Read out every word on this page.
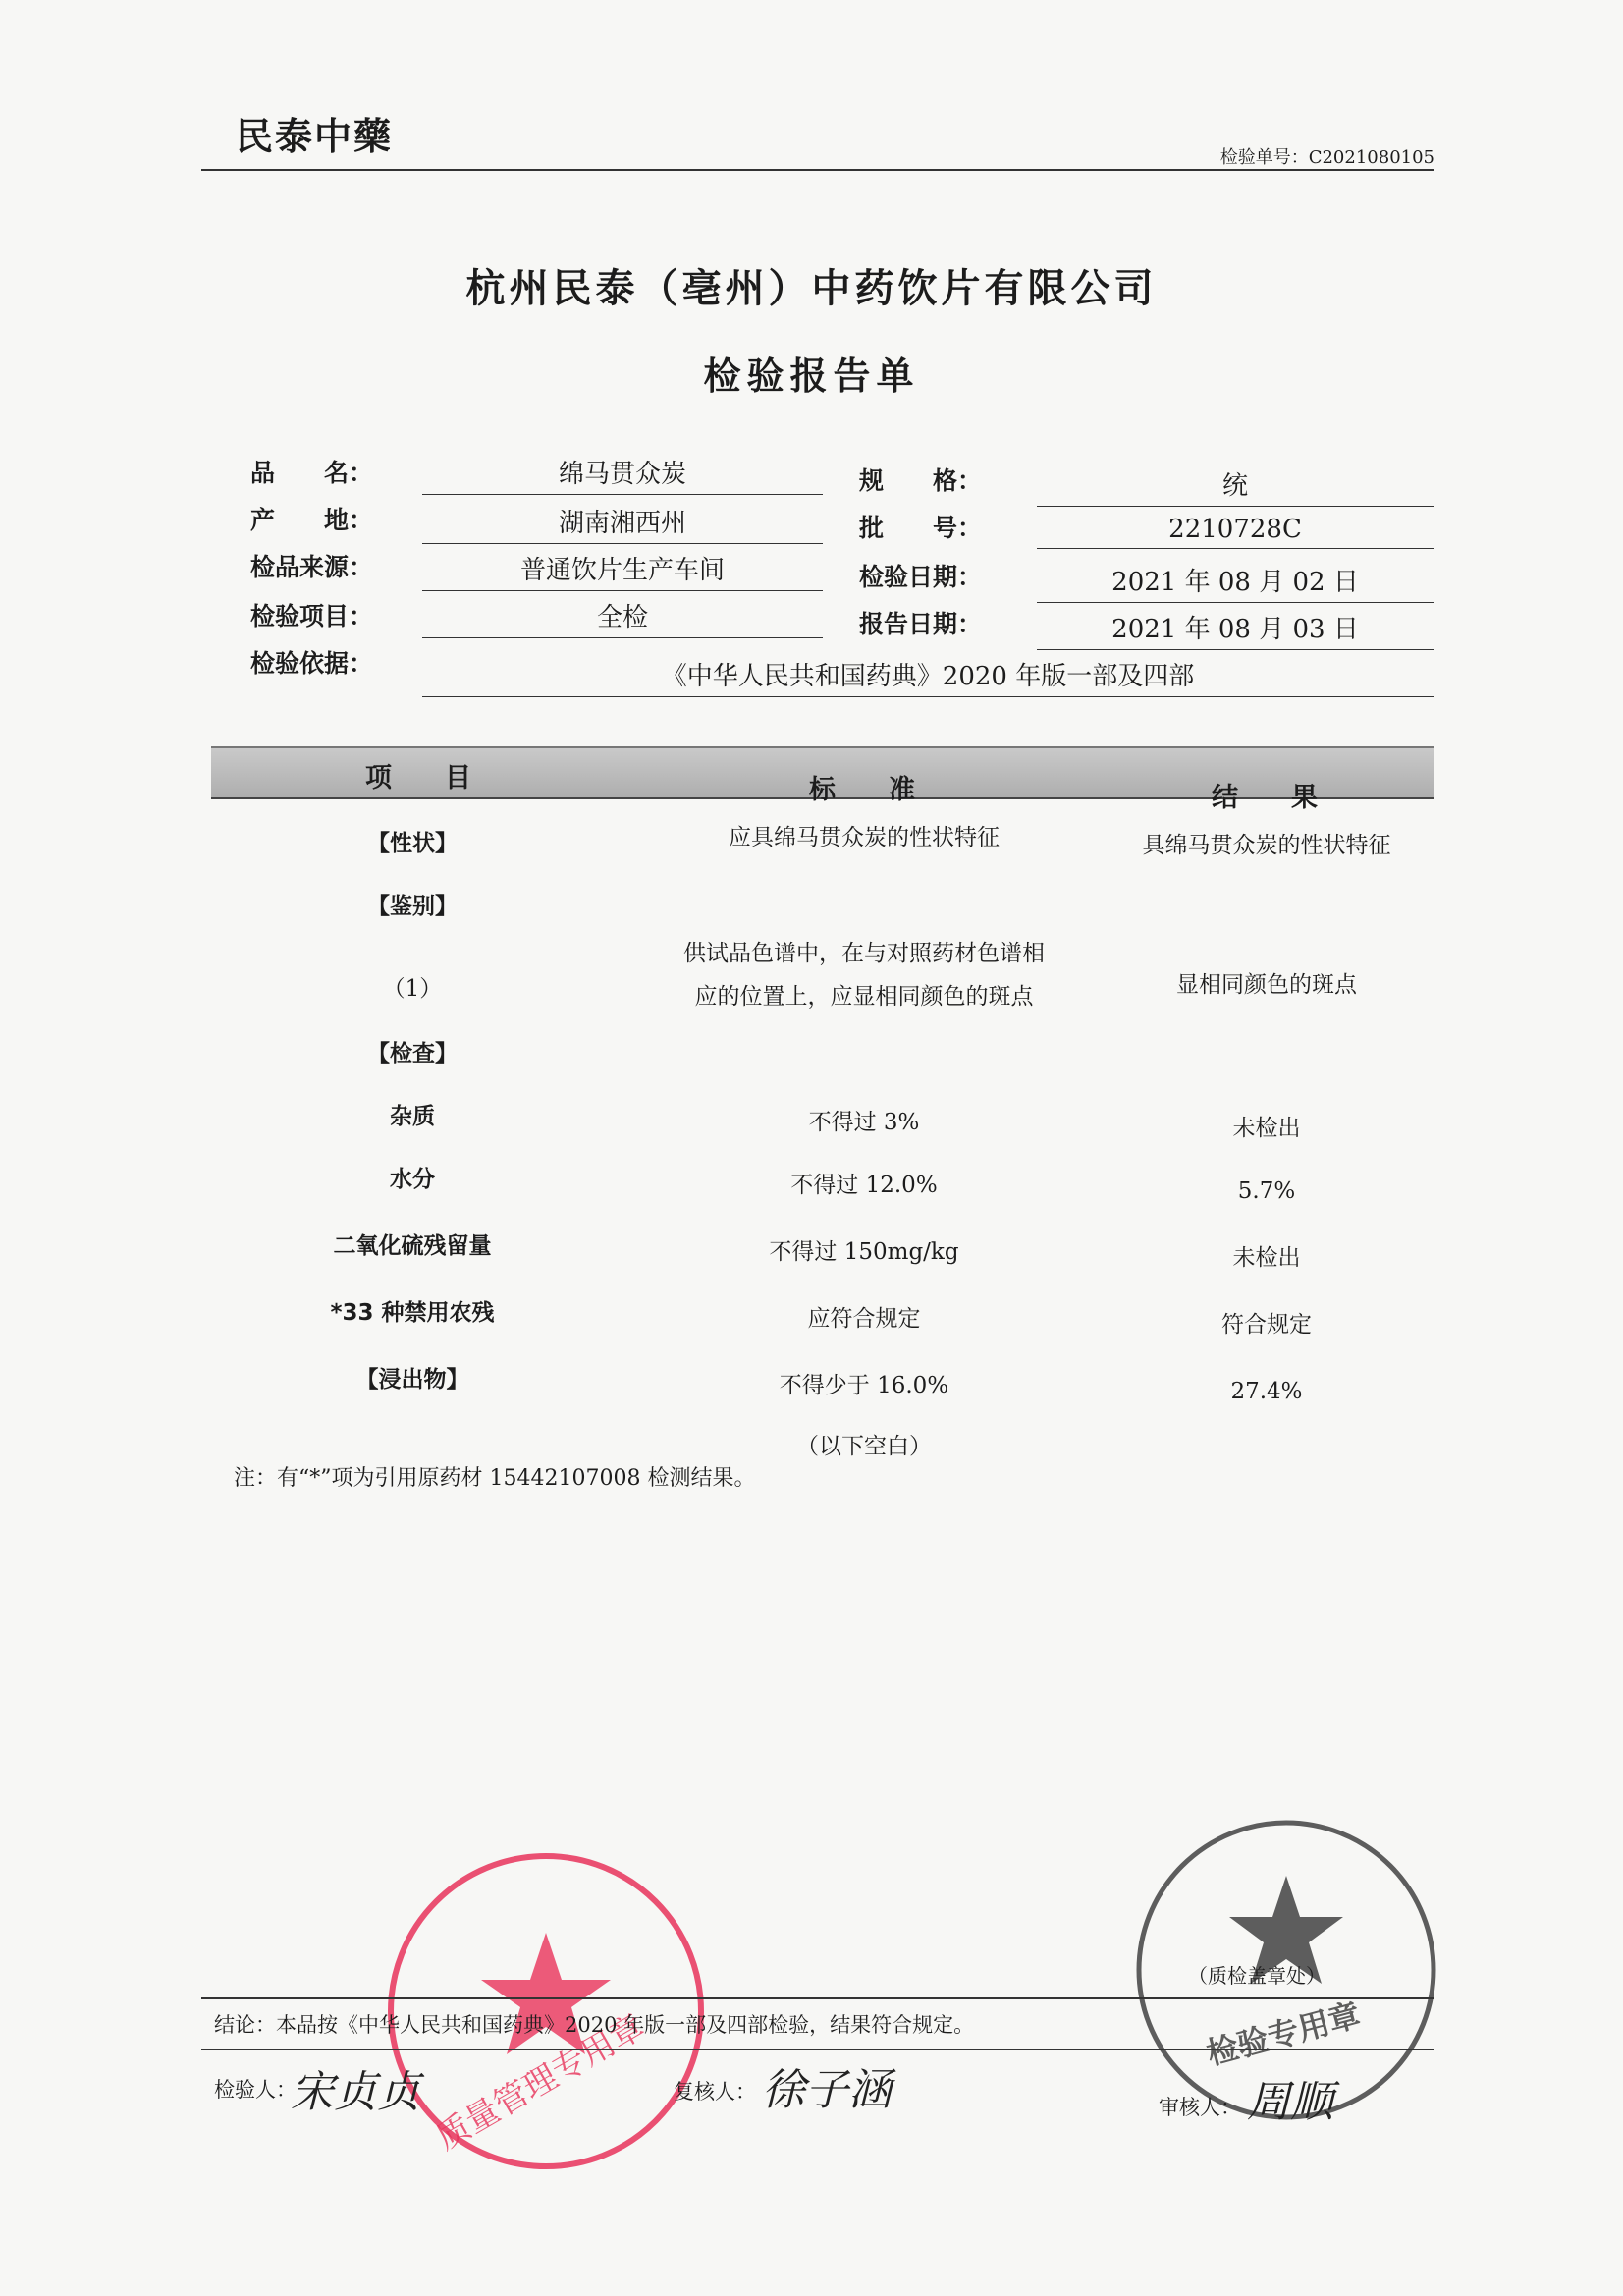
民泰中藥	检验单号：C2021080105
杭州民泰（亳州）中药饮片有限公司
检验报告单
品　　名：	绵马贯众炭	规　　格：	统
产　　地：	湖南湘西州	批　　号：	2210728C
检品来源：	普通饮片生产车间	检验日期：	2021 年 08 月 02 日
检验项目：	全检	报告日期：	2021 年 08 月 03 日
检验依据：	《中华人民共和国药典》2020 年版一部及四部
项　　目	标　　准	结　　果
【性状】	应具绵马贯众炭的性状特征	具绵马贯众炭的性状特征
【鉴别】
（1）
供试品色谱中，在与对照药材色谱相
应的位置上，应显相同颜色的斑点	显相同颜色的斑点
【检查】
杂质	不得过 3%	未检出
水分	不得过 12.0%	5.7%
二氧化硫残留量	不得过 150mg/kg	未检出
*33 种禁用农残	应符合规定	符合规定
【浸出物】	不得少于 16.0%	27.4%
（以下空白）
注：有“*”项为引用原药材 15442107008 检测结果。
质量管理专用章	检验专用章
（质检盖章处）
结论：本品按《中华人民共和国药典》2020 年版一部及四部检验，结果符合规定。
检验人：
宋贞贞	复核人： 徐子涵	审核人： 周顺
